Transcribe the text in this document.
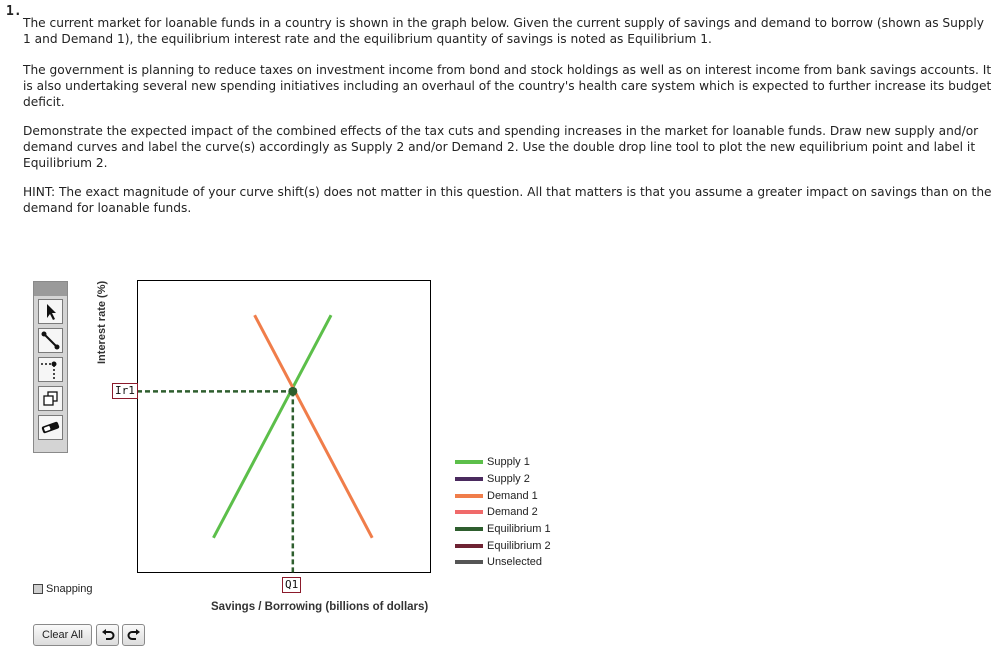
1.

The current market for loanable funds in a country is shown in the graph below. Given the current supply of savings and demand to borrow (shown as Supply 1 and Demand 1), the equilibrium interest rate and the equilibrium quantity of savings is noted as Equilibrium 1.

The government is planning to reduce taxes on investment income from bond and stock holdings as well as on interest income from bank savings accounts. It is also undertaking several new spending initiatives including an overhaul of the country's health care system which is expected to further increase its budget deficit.

Demonstrate the expected impact of the combined effects of the tax cuts and spending increases in the market for loanable funds. Draw new supply and/or demand curves and label the curve(s) accordingly as Supply 2 and/or Demand 2. Use the double drop line tool to plot the new equilibrium point and label it Equilibrium 2.

HINT: The exact magnitude of your curve shift(s) does not matter in this question. All that matters is that you assume a greater impact on savings than on the demand for loanable funds.

Interest rate (%)
Ir1
Q1
Savings / Borrowing (billions of dollars)
Supply 1
Supply 2
Demand 1
Demand 2
Equilibrium 1
Equilibrium 2
Unselected
Snapping
Clear All
